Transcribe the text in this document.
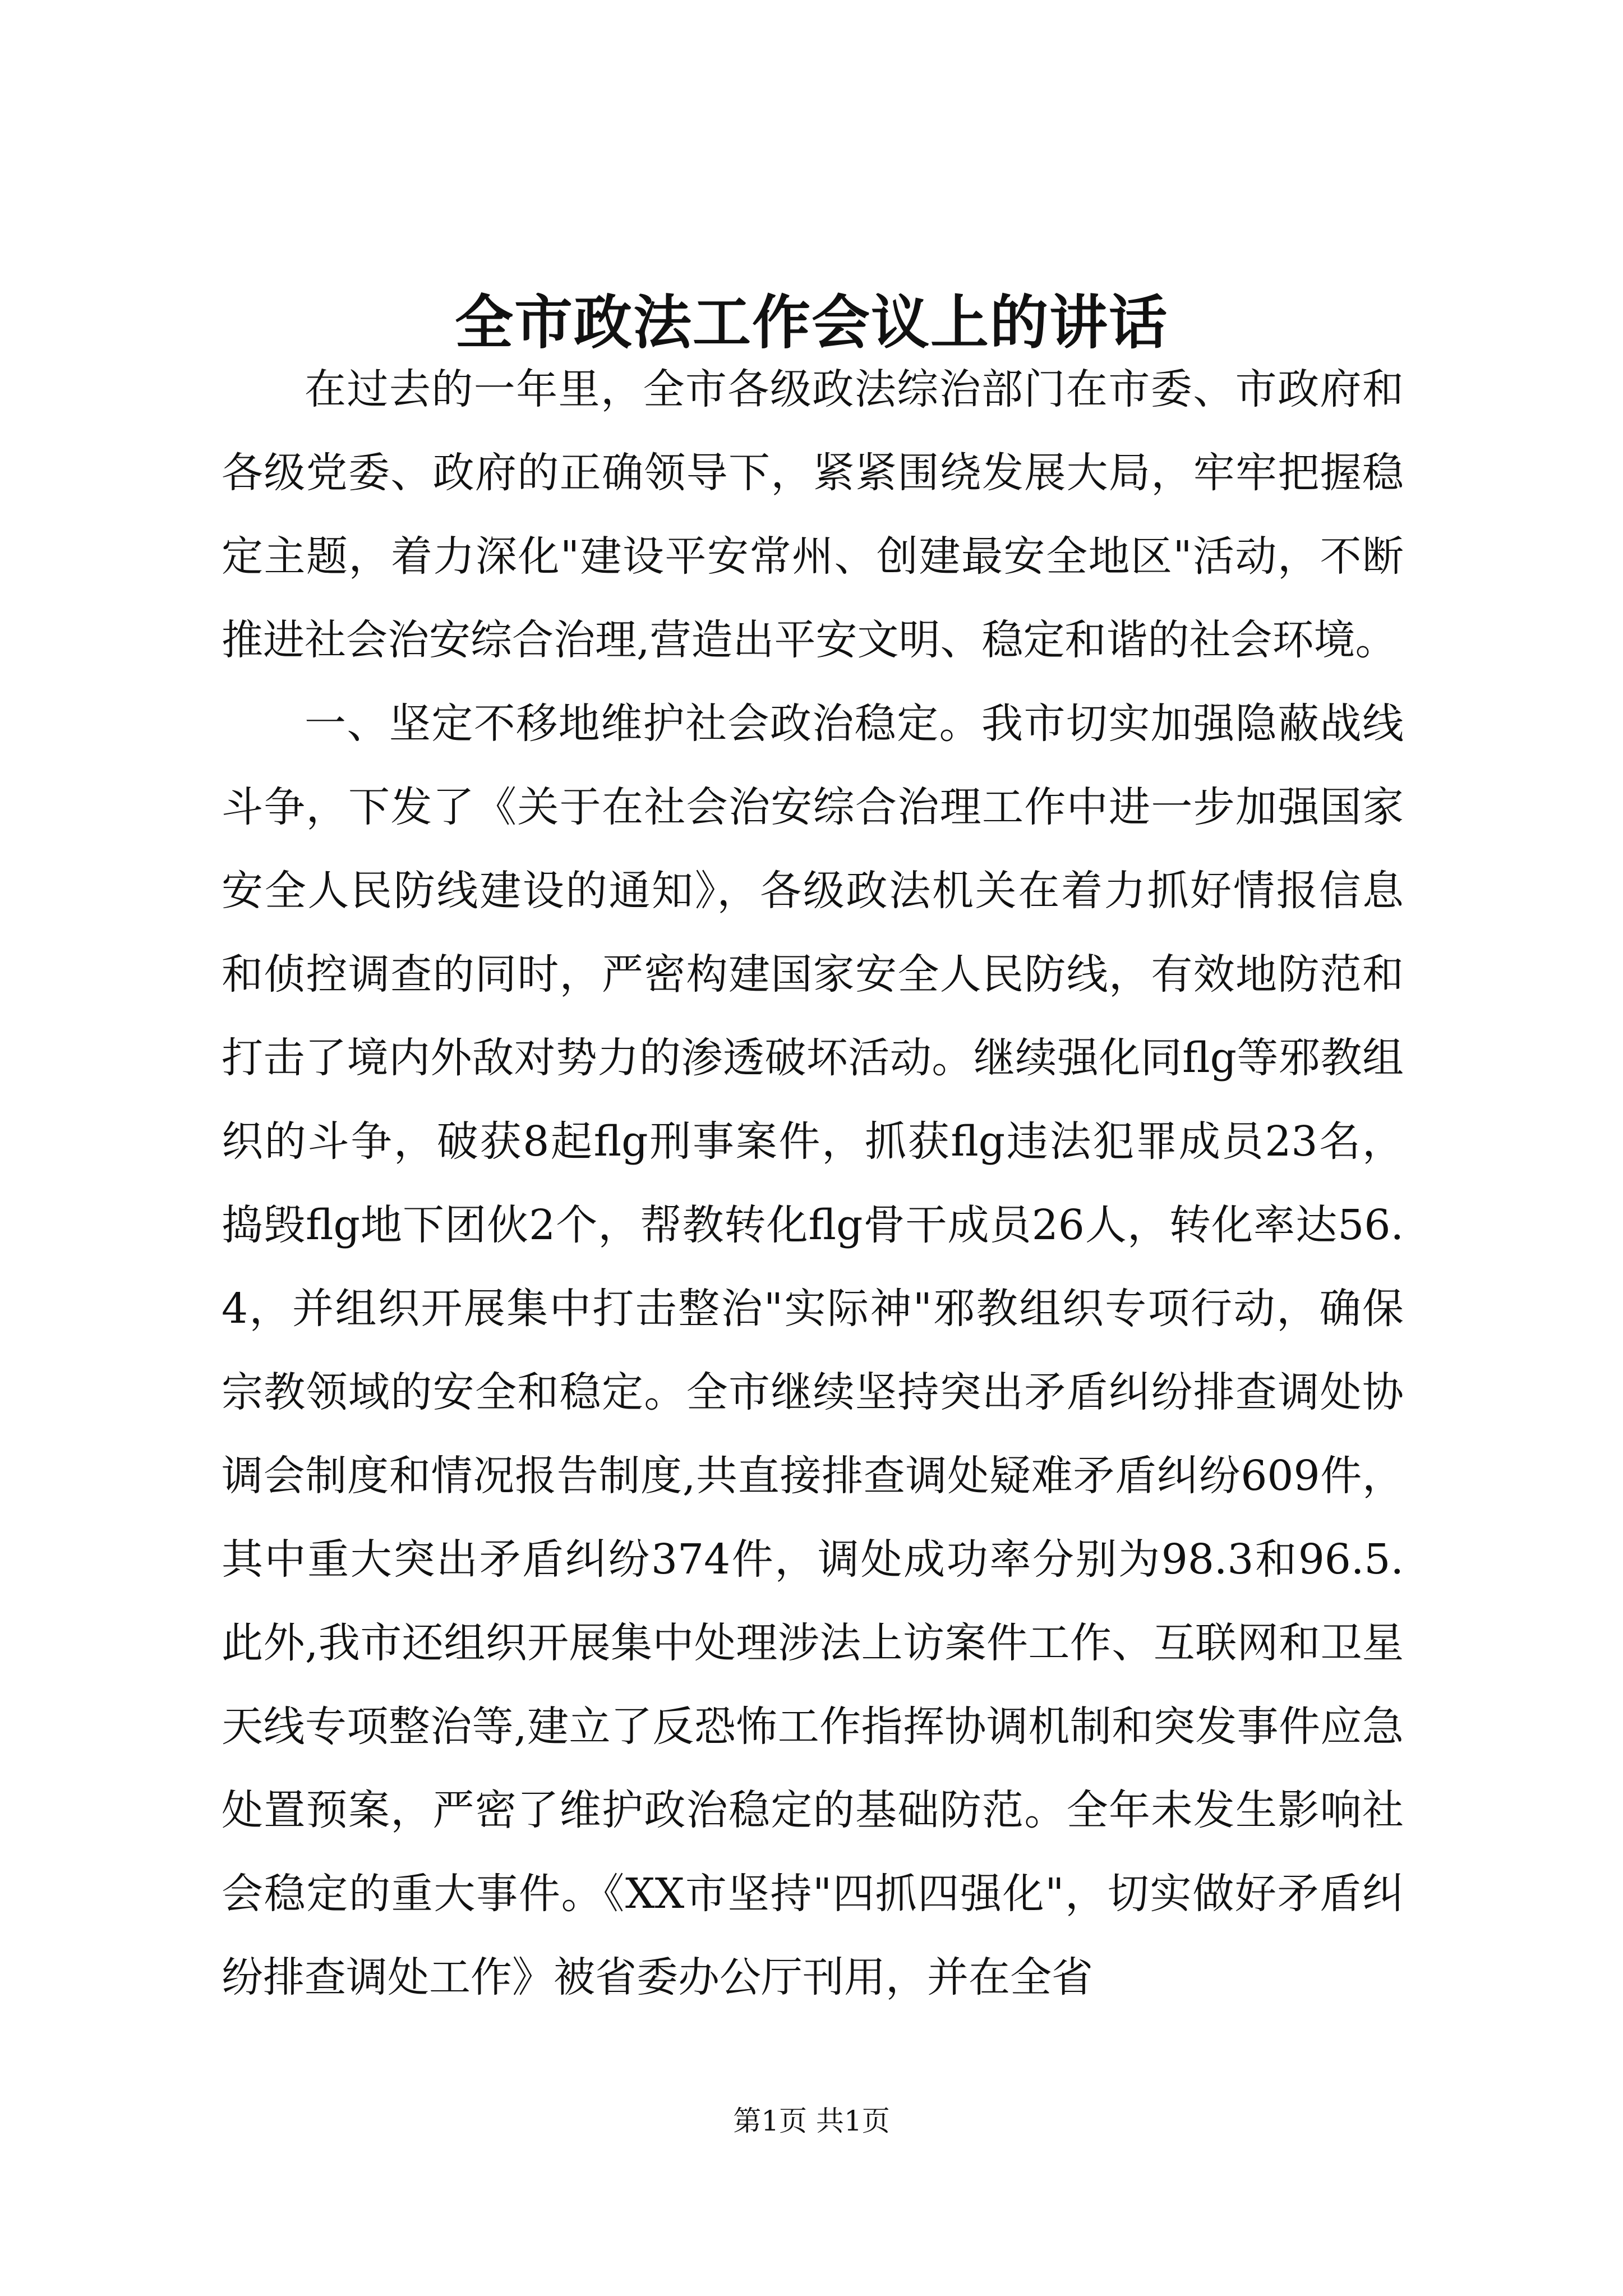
全市政法工作会议上的讲话

在过去的一年里，全市各级政法综治部门在市委、市政府和各级党委、政府的正确领导下，紧紧围绕发展大局，牢牢把握稳定主题，着力深化"建设平安常州、创建最安全地区"活动，不断推进社会治安综合治理,营造出平安文明、稳定和谐的社会环境。

一、坚定不移地维护社会政治稳定。我市切实加强隐蔽战线斗争，下发了《关于在社会治安综合治理工作中进一步加强国家安全人民防线建设的通知》，各级政法机关在着力抓好情报信息和侦控调查的同时，严密构建国家安全人民防线，有效地防范和打击了境内外敌对势力的渗透破坏活动。继续强化同flg等邪教组织的斗争，破获8起flg刑事案件，抓获flg违法犯罪成员23名，捣毁flg地下团伙2个，帮教转化flg骨干成员26人，转化率达56.4，并组织开展集中打击整治"实际神"邪教组织专项行动，确保宗教领域的安全和稳定。全市继续坚持突出矛盾纠纷排查调处协调会制度和情况报告制度,共直接排查调处疑难矛盾纠纷609件，其中重大突出矛盾纠纷374件，调处成功率分别为98.3和96.5.此外,我市还组织开展集中处理涉法上访案件工作、互联网和卫星天线专项整治等,建立了反恐怖工作指挥协调机制和突发事件应急处置预案，严密了维护政治稳定的基础防范。全年未发生影响社会稳定的重大事件。《XX市坚持"四抓四强化"，切实做好矛盾纠纷排查调处工作》被省委办公厅刊用，并在全省

第1页 共1页
